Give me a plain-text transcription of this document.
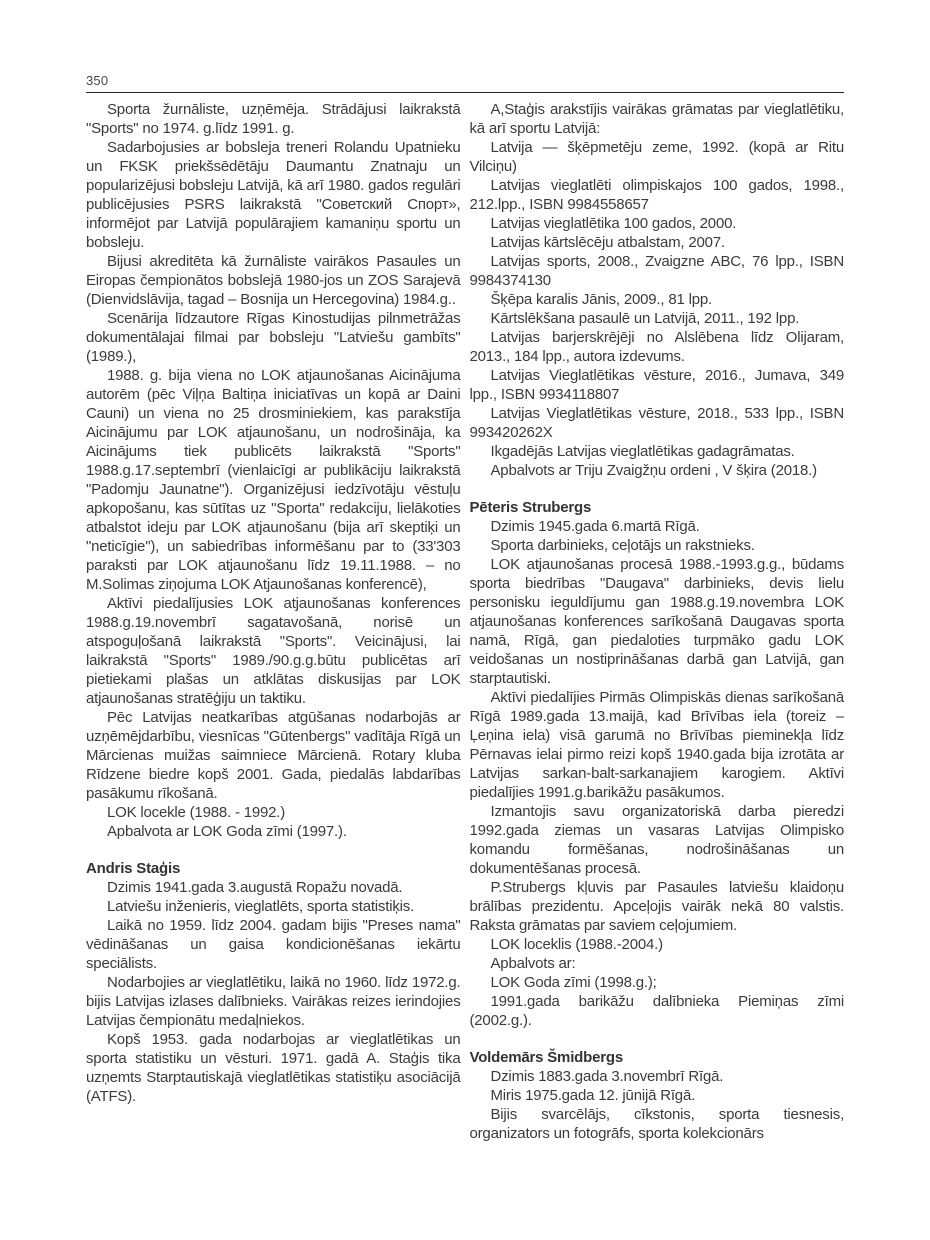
350

Sporta žurnāliste, uzņēmēja. Strādājusi laikrakstā "Sports" no 1974. g.līdz 1991. g.

Sadarbojusies ar bobsleja treneri Rolandu Upatnieku un FKSK priekšsēdētāju Daumantu Znatnaju un popularizējusi bobsleju Latvijā, kā arī 1980. gados regulāri publicējusies PSRS laikrakstā "Советский Спорт», informējot par Latvijā populārajiem kamaniņu sportu un bobsleju.

Bijusi akreditēta kā žurnāliste vairākos Pasaules un Eiropas čempionātos bobslejā 1980-jos un ZOS Sarajevā (Dienvidslāvija, tagad – Bosnija un Hercegovina) 1984.g..

Scenārija līdzautore Rīgas Kinostudijas pilnmetrāžas dokumentālajai filmai par bobsleju "Latviešu gambīts" (1989.),

1988. g. bija viena no LOK atjaunošanas Aicinājuma autorēm (pēc Viļņa Baltiņa iniciatīvas un kopā ar Daini Cauni) un viena no 25 drosminiekiem, kas parakstīja Aicinājumu par LOK atjaunošanu, un nodrošināja, ka Aicinājums tiek publicēts laikrakstā "Sports" 1988.g.17.septembrī (vienlaicīgi ar publikāciju laikrakstā "Padomju Jaunatne"). Organizējusi iedzīvotāju vēstuļu apkopošanu, kas sūtītas uz "Sporta" redakciju, lielākoties atbalstot ideju par LOK atjaunošanu (bija arī skeptiķi un "neticīgie"), un sabiedrības informēšanu par to (33'303 paraksti par LOK atjaunošanu līdz 19.11.1988. – no M.Solimas ziņojuma LOK Atjaunošanas konferencē),

Aktīvi piedalījusies LOK atjaunošanas konferences 1988.g.19.novembrī sagatavošanā, norisē un atspoguļošanā laikrakstā "Sports". Veicinājusi, lai laikrakstā "Sports" 1989./90.g.g.būtu publicētas arī pietiekami plašas un atklātas diskusijas par LOK atjaunošanas stratēģiju un taktiku.

Pēc Latvijas neatkarības atgūšanas nodarbojās ar uzņēmējdarbību, viesnīcas "Gūtenbergs" vadītāja Rīgā un Mārcienas muižas saimniece Mārcienā. Rotary kluba Rīdzene biedre kopš 2001. Gada, piedalās labdarības pasākumu rīkošanā.

LOK locekle (1988. - 1992.)

Apbalvota ar LOK Goda zīmi (1997.).

Andris Staģis

Dzimis 1941.gada 3.augustā Ropažu novadā.

Latviešu inženieris, vieglatlēts, sporta statistiķis.

Laikā no 1959. līdz 2004. gadam bijis "Preses nama" vēdināšanas un gaisa kondicionēšanas iekārtu speciālists.

Nodarbojies ar vieglatlētiku, laikā no 1960. līdz 1972.g. bijis Latvijas izlases dalībnieks. Vairākas reizes ierindojies Latvijas čempionātu medaļniekos.

Kopš 1953. gada nodarbojas ar vieglatlētikas un sporta statistiku un vēsturi. 1971. gadā A. Staģis tika uzņemts Starptautiskajā vieglatlētikas statistiķu asociācijā (ATFS).

A,Staģis arakstījis vairākas grāmatas par vieglatlētiku, kā arī sportu Latvijā:

Latvija — šķēpmetēju zeme, 1992. (kopā ar Ritu Vilciņu)

Latvijas vieglatlēti olimpiskajos 100 gados, 1998., 212.lpp., ISBN 9984558657

Latvijas vieglatlētika 100 gados, 2000.

Latvijas kārtslēcēju atbalstam, 2007.

Latvijas sports, 2008., Zvaigzne ABC, 76 lpp., ISBN 9984374130

Šķēpa karalis Jānis, 2009., 81 lpp.

Kārtslēkšana pasaulē un Latvijā, 2011., 192 lpp.

Latvijas barjerskrējēji no Alslēbena līdz Olijaram, 2013., 184 lpp., autora izdevums.

Latvijas Vieglatlētikas vēsture, 2016., Jumava, 349 lpp., ISBN 9934118807

Latvijas Vieglatlētikas vēsture, 2018., 533 lpp., ISBN 993420262X

Ikgadējās Latvijas vieglatlētikas gadagrāmatas.

Apbalvots ar Triju Zvaigžņu ordeni , V šķira (2018.)

Pēteris Strubergs

Dzimis 1945.gada 6.martā Rīgā.

Sporta darbinieks, ceļotājs un rakstnieks.

LOK atjaunošanas procesā 1988.-1993.g.g., būdams sporta biedrības "Daugava" darbinieks, devis lielu personisku ieguldījumu gan 1988.g.19.novembra LOK atjaunošanas konferences sarīkošanā Daugavas sporta namā, Rīgā, gan piedaloties turpmāko gadu LOK veidošanas un nostiprināšanas darbā gan Latvijā, gan starptautiski.

Aktīvi piedalījies Pirmās Olimpiskās dienas sarīkošanā Rīgā 1989.gada 13.maijā, kad Brīvības iela (toreiz – Ļeņina iela) visā garumā no Brīvības pieminekļa līdz Pērnavas ielai pirmo reizi kopš 1940.gada bija izrotāta ar Latvijas sarkan-balt-sarkanajiem karogiem. Aktīvi piedalījies 1991.g.barikāžu pasākumos.

Izmantojis savu organizatoriskā darba pieredzi 1992.gada ziemas un vasaras Latvijas Olimpisko komandu formēšanas, nodrošināšanas un dokumentēšanas procesā.

P.Strubergs kļuvis par Pasaules latviešu klaidoņu brālības prezidentu. Apceļojis vairāk nekā 80 valstis. Raksta grāmatas par saviem ceļojumiem.

LOK loceklis (1988.-2004.)

Apbalvots ar:

LOK Goda zīmi (1998.g.);

1991.gada barikāžu dalībnieka Piemiņas zīmi (2002.g.).

Voldemārs Šmidbergs

Dzimis 1883.gada 3.novembrī Rīgā.

Miris 1975.gada 12. jūnijā Rīgā.

Bijis svarcēlājs, cīkstonis, sporta tiesnesis, organizators un fotogrāfs, sporta kolekcionārs
